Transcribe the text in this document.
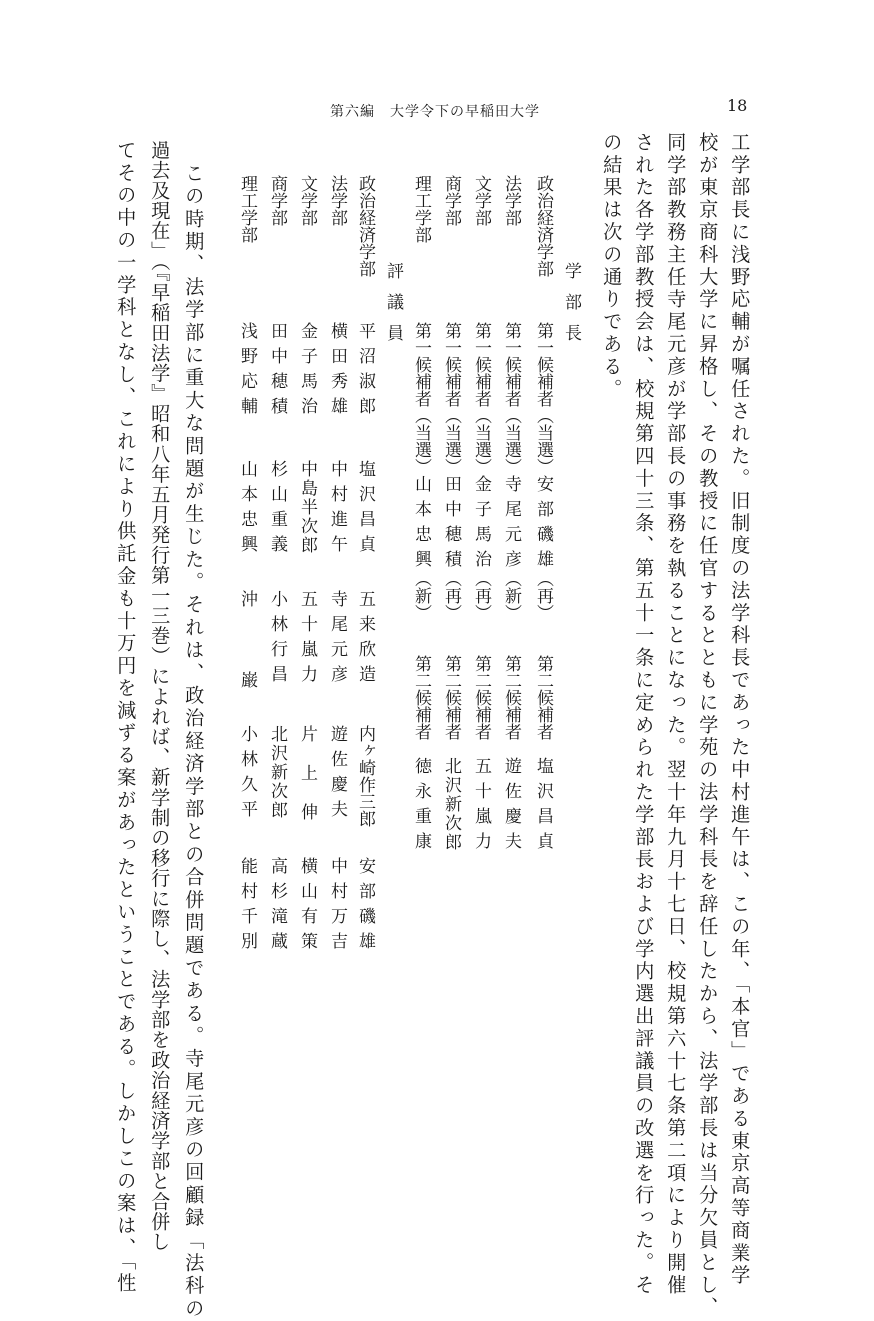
第六編　大学令下の早稲田大学	18
工学部長に浅野応輔が嘱任された。旧制度の法学科長であった中村進午は、この年、「本官」である東京高等商業学
校が東京商科大学に昇格し、その教授に任官するとともに学苑の法学科長を辞任したから、法学部長は当分欠員とし、
同学部教務主任寺尾元彦が学部長の事務を執ることになった。翌十年九月十七日、校規第六十七条第二項により開催
された各学部教授会は、校規第四十三条、第五十一条に定められた学部長および学内選出評議員の改選を行った。そ
の結果は次の通りである。
学部長
政治経済学部
第一候補者（当選）
安部磯雄
（再）
第二候補者
塩沢昌貞
法学部
第一候補者（当選）
寺尾元彦
（新）
第二候補者
遊佐慶夫
文学部
第一候補者（当選）
金子馬治
（再）
第二候補者
五十嵐力
商学部
第一候補者（当選）
田中穂積
（再）
第二候補者
北沢新次郎
理工学部
第一候補者（当選）
山本忠興
（新）
第二候補者
徳永重康
評議員
政治経済学部
平沼淑郎
塩沢昌貞
五来欣造
内ヶ崎作三郎
安部磯雄
法学部
横田秀雄
中村進午
寺尾元彦
遊佐慶夫
中村万吉
文学部
金子馬治
中島半次郎
五十嵐力
片上伸
横山有策
商学部
田中穂積
杉山重義
小林行昌
北沢新次郎
高杉滝蔵
理工学部
浅野応輔
山本忠興
沖巌
小林久平
能村千別
この時期、法学部に重大な問題が生じた。それは、政治経済学部との合併問題である。寺尾元彦の回顧録「法科の
過去及現在」（『早稲田法学』昭和八年五月発行第一三巻）によれば、新学制の移行に際し、法学部を政治経済学部と合併し
てその中の一学科となし、これにより供託金も十万円を減ずる案があったということである。しかしこの案は、「性
